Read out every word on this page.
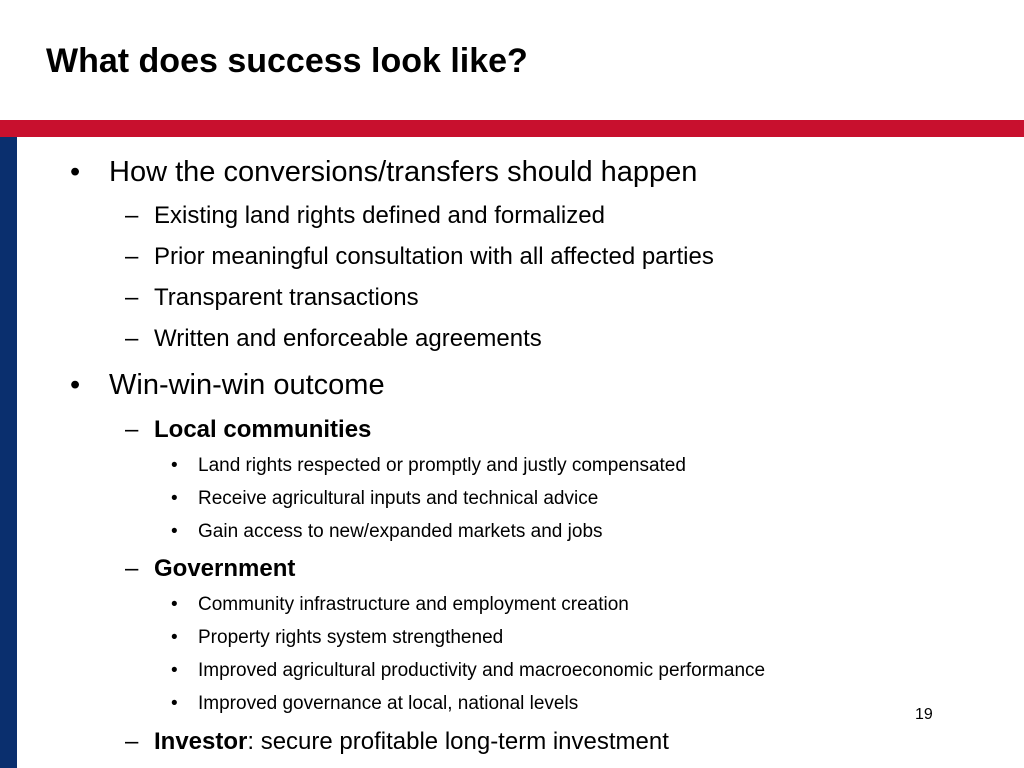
What does success look like?
• How the conversions/transfers should happen
– Existing land rights defined and formalized
– Prior meaningful consultation with all affected parties
– Transparent transactions
– Written and enforceable agreements
• Win-win-win outcome
– Local communities
• Land rights respected or promptly and justly compensated
• Receive agricultural inputs and technical advice
• Gain access to new/expanded markets and jobs
– Government
• Community infrastructure and employment creation
• Property rights system strengthened
• Improved agricultural productivity and macroeconomic performance
• Improved governance at local, national levels
– Investor: secure profitable long-term investment
19
